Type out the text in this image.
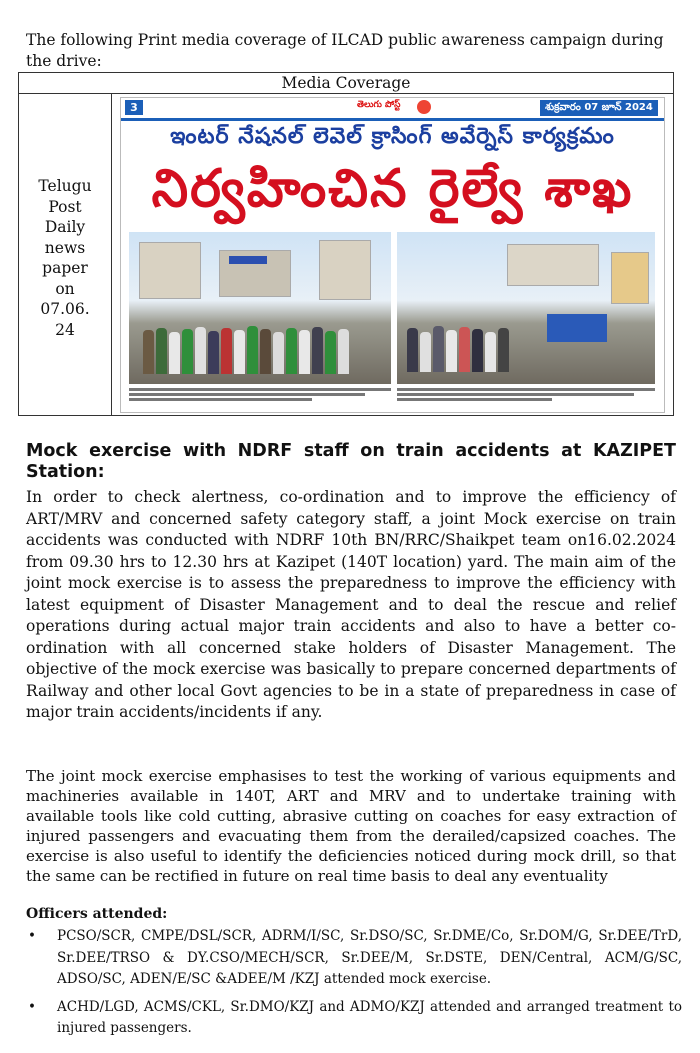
The following Print media coverage of ILCAD public awareness campaign during the drive:

Media Coverage

Telugu
Post
Daily
news
paper
on
07.06.
24

3	తెలుగు పోస్ట్	శుక్రవారం 07 జూన్ 2024
ఇంటర్ నేషనల్ లెవెల్ క్రాసింగ్ అవేర్నెస్ కార్యక్రమం
నిర్వహించిన రైల్వే శాఖ
Mock exercise with NDRF staff on train accidents at KAZIPET Station:

In order to check alertness, co-ordination and to improve the efficiency of ART/MRV and concerned safety category staff, a joint Mock exercise on train accidents was conducted with NDRF 10th BN/RRC/Shaikpet team on16.02.2024 from 09.30 hrs to 12.30 hrs at Kazipet (140T location) yard. The main aim of the joint mock exercise is to assess the preparedness to improve the efficiency with latest equipment of Disaster Management and to deal the rescue and relief operations during actual major train accidents and also to have a better co-ordination with all concerned stake holders of Disaster Management. The objective of the mock exercise was basically to prepare concerned departments of Railway and other local Govt agencies to be in a state of preparedness in case of major train accidents/incidents if any.

The joint mock exercise emphasises to test the working of various equipments and machineries available in 140T, ART and MRV and to undertake training with available tools like cold cutting, abrasive cutting on coaches for easy extraction of injured passengers and evacuating them from the derailed/capsized coaches. The exercise is also useful to identify the deficiencies noticed during mock drill, so that the same can be rectified in future on real time basis to deal any eventuality

Officers attended:

• PCSO/SCR, CMPE/DSL/SCR, ADRM/I/SC, Sr.DSO/SC, Sr.DME/Co, Sr.DOM/G, Sr.DEE/TrD, Sr.DEE/TRSO & DY.CSO/MECH/SCR, Sr.DEE/M, Sr.DSTE, DEN/Central, ACM/G/SC, ADSO/SC, ADEN/E/SC &ADEE/M /KZJ attended mock exercise.
• ACHD/LGD, ACMS/CKL, Sr.DMO/KZJ and ADMO/KZJ attended and arranged treatment to injured passengers.
